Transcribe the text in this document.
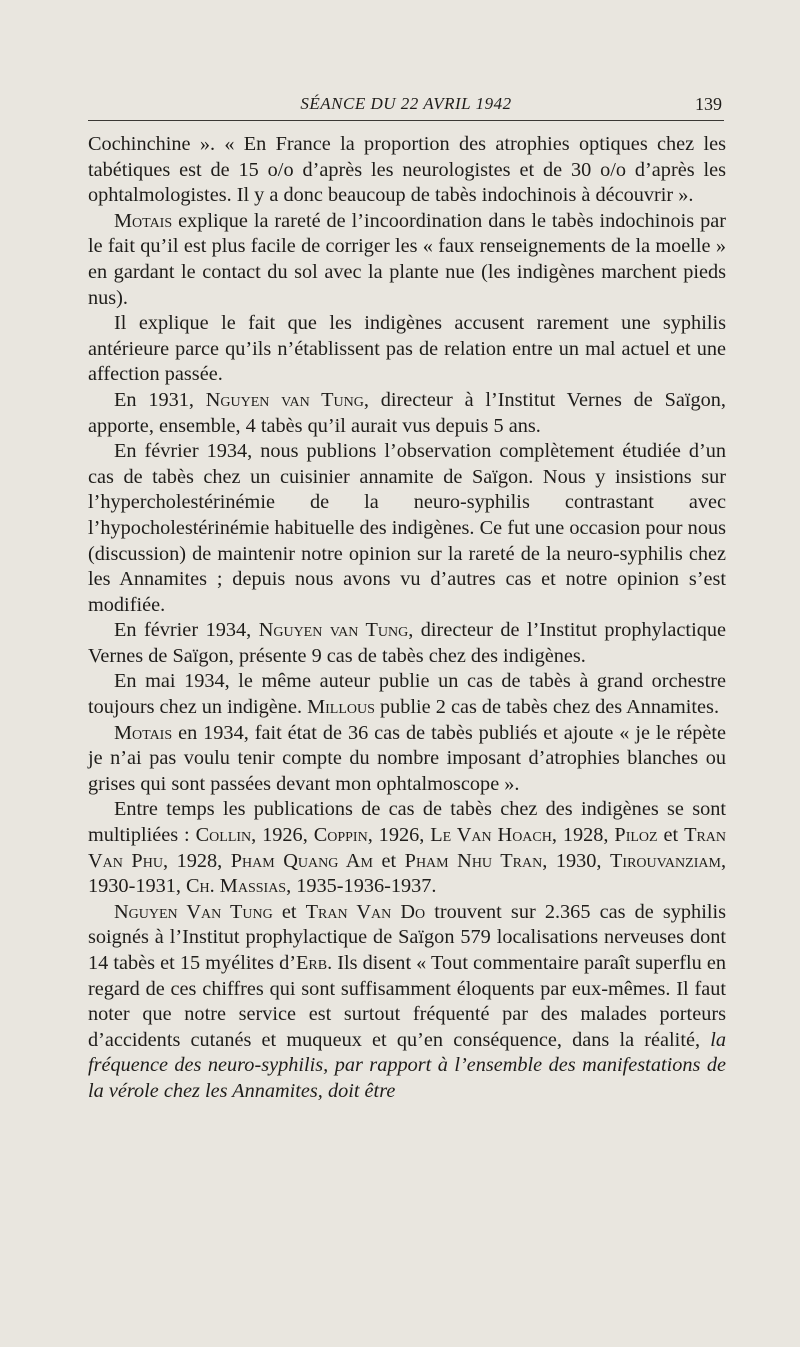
SÉANCE DU 22 AVRIL 1942	139

Cochinchine ». « En France la proportion des atrophies optiques chez les tabétiques est de 15 o/o d’après les neurologistes et de 30 o/o d’après les ophtalmologistes. Il y a donc beaucoup de tabès indochinois à découvrir ».

Motais explique la rareté de l’incoordination dans le tabès indochinois par le fait qu’il est plus facile de corriger les « faux renseignements de la moelle » en gardant le contact du sol avec la plante nue (les indigènes marchent pieds nus).

Il explique le fait que les indigènes accusent rarement une syphilis antérieure parce qu’ils n’établissent pas de relation entre un mal actuel et une affection passée.

En 1931, Nguyen van Tung, directeur à l’Institut Vernes de Saïgon, apporte, ensemble, 4 tabès qu’il aurait vus depuis 5 ans.

En février 1934, nous publions l’observation complètement étudiée d’un cas de tabès chez un cuisinier annamite de Saïgon. Nous y insistions sur l’hypercholestérinémie de la neuro-syphilis contrastant avec l’hypocholestérinémie habituelle des indigènes. Ce fut une occasion pour nous (discussion) de maintenir notre opinion sur la rareté de la neuro-syphilis chez les Annamites ; depuis nous avons vu d’autres cas et notre opinion s’est modifiée.

En février 1934, Nguyen van Tung, directeur de l’Institut prophylactique Vernes de Saïgon, présente 9 cas de tabès chez des indigènes.

En mai 1934, le même auteur publie un cas de tabès à grand orchestre toujours chez un indigène. Millous publie 2 cas de tabès chez des Annamites.

Motais en 1934, fait état de 36 cas de tabès publiés et ajoute « je le répète je n’ai pas voulu tenir compte du nombre imposant d’atrophies blanches ou grises qui sont passées devant mon ophtalmoscope ».

Entre temps les publications de cas de tabès chez des indigènes se sont multipliées : Collin, 1926, Coppin, 1926, Le Van Hoach, 1928, Piloz et Tran Van Phu, 1928, Pham Quang Am et Pham Nhu Tran, 1930, Tirouvanziam, 1930-1931, Ch. Massias, 1935-1936-1937.

Nguyen Van Tung et Tran Van Do trouvent sur 2.365 cas de syphilis soignés à l’Institut prophylactique de Saïgon 579 localisations nerveuses dont 14 tabès et 15 myélites d’Erb. Ils disent « Tout commentaire paraît superflu en regard de ces chiffres qui sont suffisamment éloquents par eux-mêmes. Il faut noter que notre service est surtout fréquenté par des malades porteurs d’accidents cutanés et muqueux et qu’en conséquence, dans la réalité, la fréquence des neuro-syphilis, par rapport à l’ensemble des manifestations de la vérole chez les Annamites, doit être
